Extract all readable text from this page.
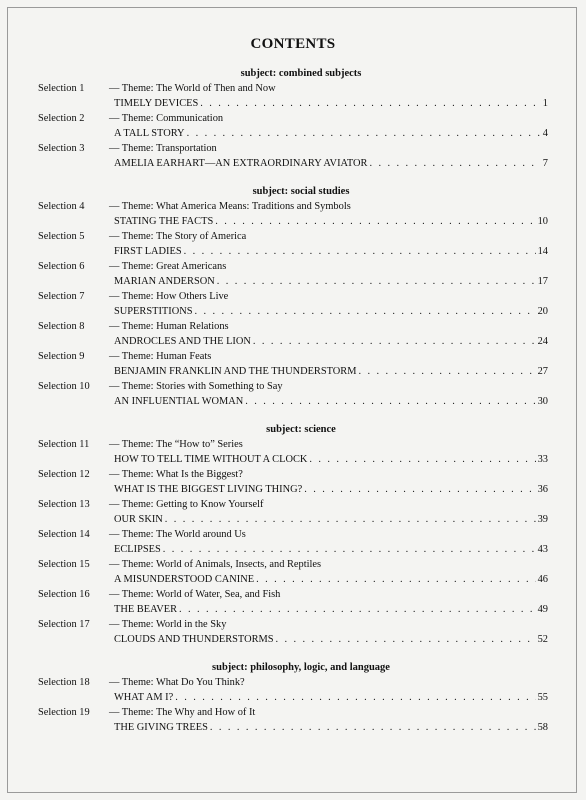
CONTENTS
subject: combined subjects
Selection 1 — Theme: The World of Then and Now
TIMELY DEVICES . . .	1
Selection 2 — Theme: Communication
A TALL STORY . . .	4
Selection 3 — Theme: Transportation
AMELIA EARHART—AN EXTRAORDINARY AVIATOR . . .	7
subject: social studies
Selection 4 — Theme: What America Means: Traditions and Symbols
STATING THE FACTS . . .	10
Selection 5 — Theme: The Story of America
FIRST LADIES . . .	14
Selection 6 — Theme: Great Americans
MARIAN ANDERSON . . .	17
Selection 7 — Theme: How Others Live
SUPERSTITIONS . . .	20
Selection 8 — Theme: Human Relations
ANDROCLES AND THE LION . . .	24
Selection 9 — Theme: Human Feats
BENJAMIN FRANKLIN AND THE THUNDERSTORM . . .	27
Selection 10 — Theme: Stories with Something to Say
AN INFLUENTIAL WOMAN . . .	30
subject: science
Selection 11 — Theme: The “How to” Series
HOW TO TELL TIME WITHOUT A CLOCK . . .	33
Selection 12 — Theme: What Is the Biggest?
WHAT IS THE BIGGEST LIVING THING? . . .	36
Selection 13 — Theme: Getting to Know Yourself
OUR SKIN . . .	39
Selection 14 — Theme: The World around Us
ECLIPSES . . .	43
Selection 15 — Theme: World of Animals, Insects, and Reptiles
A MISUNDERSTOOD CANINE . . .	46
Selection 16 — Theme: World of Water, Sea, and Fish
THE BEAVER . . .	49
Selection 17 — Theme: World in the Sky
CLOUDS AND THUNDERSTORMS . . .	52
subject: philosophy, logic, and language
Selection 18 — Theme: What Do You Think?
WHAT AM I? . . .	55
Selection 19 — Theme: The Why and How of It
THE GIVING TREES . . .	58
